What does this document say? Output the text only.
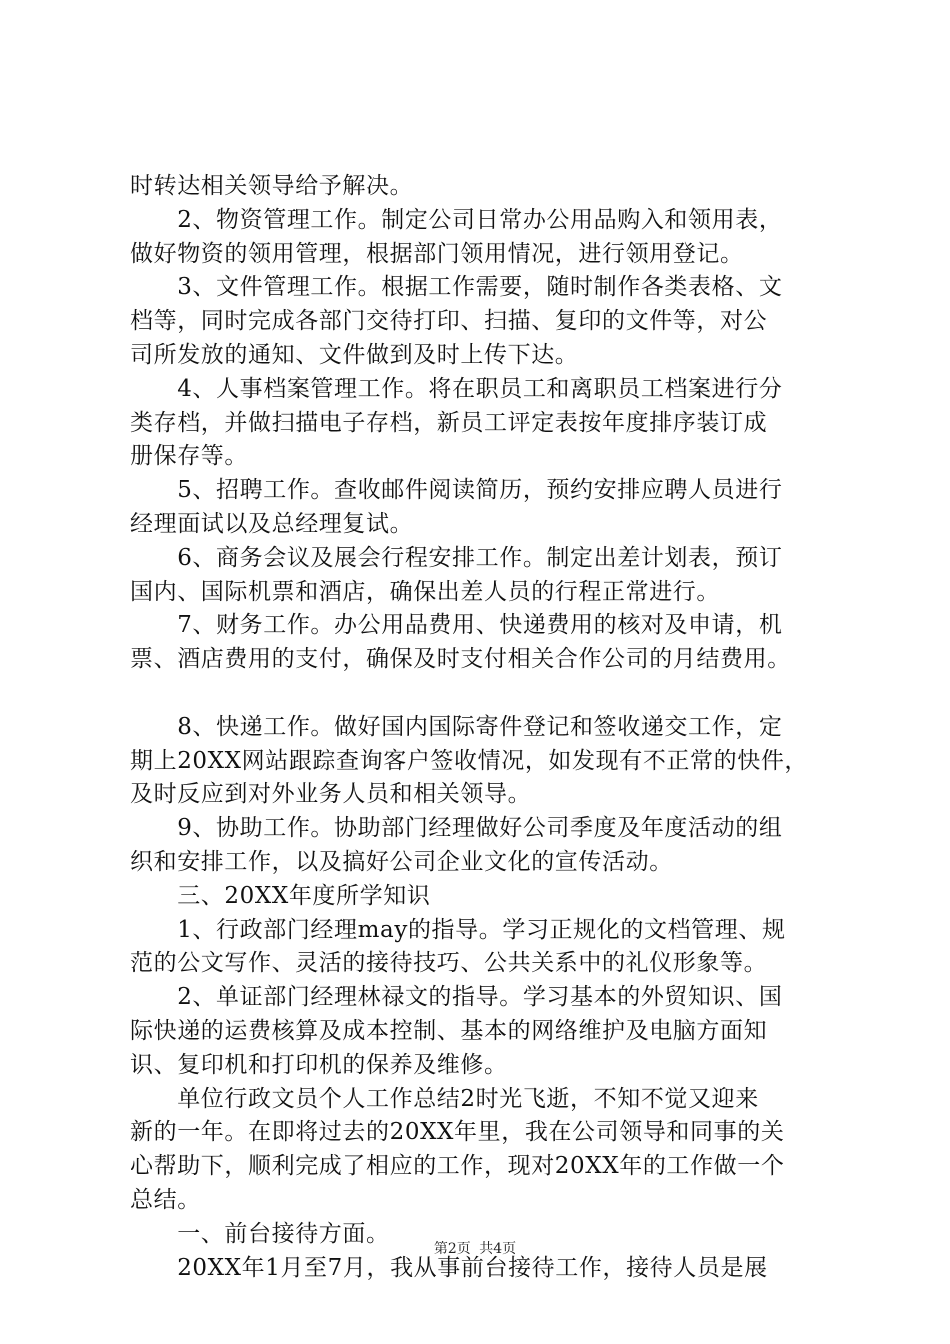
时转达相关领导给予解决。
　　2、物资管理工作。制定公司日常办公用品购入和领用表，
做好物资的领用管理，根据部门领用情况，进行领用登记。
　　3、文件管理工作。根据工作需要，随时制作各类表格、文
档等，同时完成各部门交待打印、扫描、复印的文件等，对公
司所发放的通知、文件做到及时上传下达。
　　4、人事档案管理工作。将在职员工和离职员工档案进行分
类存档，并做扫描电子存档，新员工评定表按年度排序装订成
册保存等。
　　5、招聘工作。查收邮件阅读简历，预约安排应聘人员进行
经理面试以及总经理复试。
　　6、商务会议及展会行程安排工作。制定出差计划表，预订
国内、国际机票和酒店，确保出差人员的行程正常进行。
　　7、财务工作。办公用品费用、快递费用的核对及申请，机
票、酒店费用的支付，确保及时支付相关合作公司的月结费用。
　　8、快递工作。做好国内国际寄件登记和签收递交工作，定
期上20XX网站跟踪查询客户签收情况，如发现有不正常的快件，
及时反应到对外业务人员和相关领导。
　　9、协助工作。协助部门经理做好公司季度及年度活动的组
织和安排工作，以及搞好公司企业文化的宣传活动。
　　三、20XX年度所学知识
　　1、行政部门经理may的指导。学习正规化的文档管理、规
范的公文写作、灵活的接待技巧、公共关系中的礼仪形象等。
　　2、单证部门经理林禄文的指导。学习基本的外贸知识、国
际快递的运费核算及成本控制、基本的网络维护及电脑方面知
识、复印机和打印机的保养及维修。
　　单位行政文员个人工作总结2时光飞逝，不知不觉又迎来
新的一年。在即将过去的20XX年里，我在公司领导和同事的关
心帮助下，顺利完成了相应的工作，现对20XX年的工作做一个
总结。
　　一、前台接待方面。
　　20XX年1月至7月，我从事前台接待工作，接待人员是展
第2页 共4页
